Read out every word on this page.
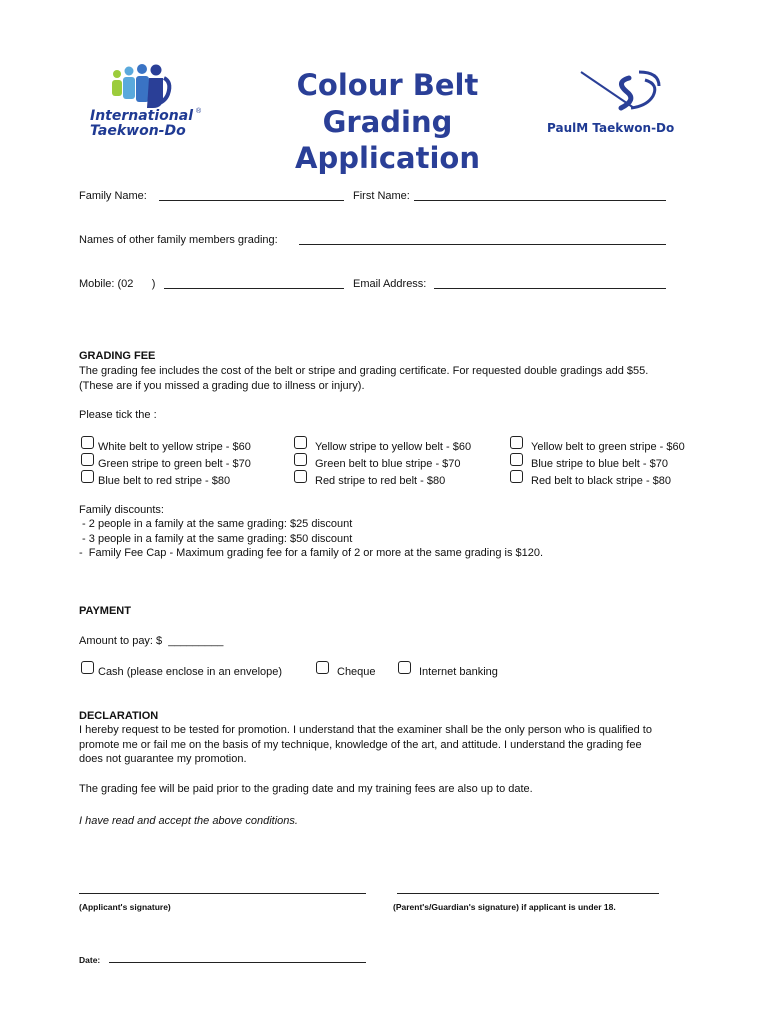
International ®
Taekwon-Do
Colour Belt
Grading Application
PaulM Taekwon-Do
Family Name:	First Name:
Names of other family members grading:
Mobile: (02      )	Email Address:
GRADING FEE
The grading fee includes the cost of the belt or stripe and grading certificate. For requested double gradings add $55.
(These are if you missed a grading due to illness or injury).
Please tick the :
White belt to yellow stripe - $60	Yellow stripe to yellow belt - $60	Yellow belt to green stripe - $60
Green stripe to green belt - $70	Green belt to blue stripe - $70	Blue stripe to blue belt - $70
Blue belt to red stripe - $80	Red stripe to red belt - $80	Red belt to black stripe - $80
Family discounts:
- 2 people in a family at the same grading: $25 discount
- 3 people in a family at the same grading: $50 discount
-  Family Fee Cap - Maximum grading fee for a family of 2 or more at the same grading is $120.
PAYMENT
Amount to pay: $  _________
Cash (please enclose in an envelope)	Cheque	Internet banking
DECLARATION
I hereby request to be tested for promotion. I understand that the examiner shall be the only person who is qualified to
promote me or fail me on the basis of my technique, knowledge of the art, and attitude. I understand the grading fee
does not guarantee my promotion.
The grading fee will be paid prior to the grading date and my training fees are also up to date.
I have read and accept the above conditions.
(Applicant's signature)	(Parent's/Guardian's signature) if applicant is under 18.
Date:
